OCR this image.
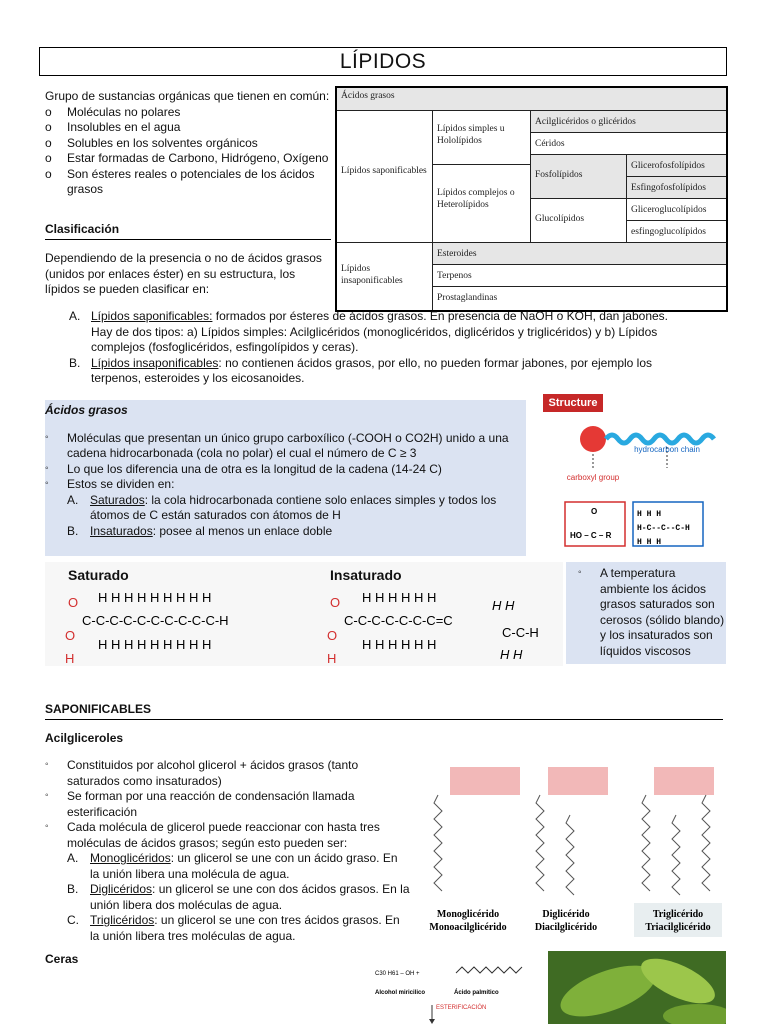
LÍPIDOS
Grupo de sustancias orgánicas que tienen en común:
o Moléculas no polares
o Insolubles en el agua
o Solubles en los solventes orgánicos
o Estar formadas de Carbono, Hidrógeno, Oxígeno
o Son ésteres reales o potenciales de los ácidos grasos
Clasificación
Dependiendo de la presencia o no de ácidos grasos (unidos por enlaces éster) en su estructura, los lípidos se pueden clasificar en:
Ácidos grasos
Lípidos saponificables
Lípidos simples u Hololípidos
Acilglicéridos o glicéridos
Céridos
Lípidos complejos o Heterolípidos
Fosfolípidos
Glicerofosfolípidos
Esfingofosfolípidos
Glucolípidos
Gliceroglucolípidos
esfingoglucolípidos
Lípidos insaponificables
Esteroides
Terpenos
Prostaglandinas
A. Lípidos saponificables: formados por ésteres de ácidos grasos. En presencia de NaOH o KOH, dan jabones. Hay de dos tipos: a) Lípidos simples: Acilglicéridos (monoglicéridos, diglicéridos y triglicéridos) y b) Lípidos complejos (fosfoglicéridos, esfingolípidos y ceras).
B. Lípidos insaponificables: no contienen ácidos grasos, por ello, no pueden formar jabones, por ejemplo los terpenos, esteroides y los eicosanoides.
Ácidos grasos
◦ Moléculas que presentan un único grupo carboxílico (-COOH o CO2H) unido a una cadena hidrocarbonada (cola no polar) el cual el número de C ≥ 3
◦ Lo que los diferencia una de otra es la longitud de la cadena (14-24 C)
◦ Estos se dividen en:
A. Saturados: la cola hidrocarbonada contiene solo enlaces simples y todos los átomos de C están saturados con átomos de H
B. Insaturados: posee al menos un enlace doble
Structure
carboxyl group
hydrocarbon chain
O
HO – C – R
H H H
H-C--C--C-H
H H H
Saturado	Insaturado
O
O
H
C-C-C-C-C-C-C-C-C-C-H
H H H H H H H H H
H H H H H H H H H
O
O
H
C-C-C-C-C-C-C=C
H H H H H H
H H H H H H
H H
C-C-H
H H
◦ A temperatura ambiente los ácidos grasos saturados son cerosos (sólido blando) y los insaturados son líquidos viscosos
SAPONIFICABLES
Acilgliceroles
◦ Constituidos por alcohol glicerol + ácidos grasos (tanto saturados como insaturados)
◦ Se forman por una reacción de condensación llamada esterificación
◦ Cada molécula de glicerol puede reaccionar con hasta tres moléculas de ácidos grasos; según esto pueden ser:
A. Monoglicéridos: un glicerol se une con un ácido graso. En la unión libera una molécula de agua.
B. Diglicéridos: un glicerol se une con dos ácidos grasos. En la unión libera dos moléculas de agua.
C. Triglicéridos: un glicerol se une con tres ácidos grasos. En la unión libera tres moléculas de agua.
Monoglicérido
Monoacilglicérido
Diglicérido
Diacilglicérido
Triglicérido
Triacilglicérido
Ceras
C30 H61 – OH +
Alcohol miricilico	Ácido palmítico
ESTERIFICACIÓN
